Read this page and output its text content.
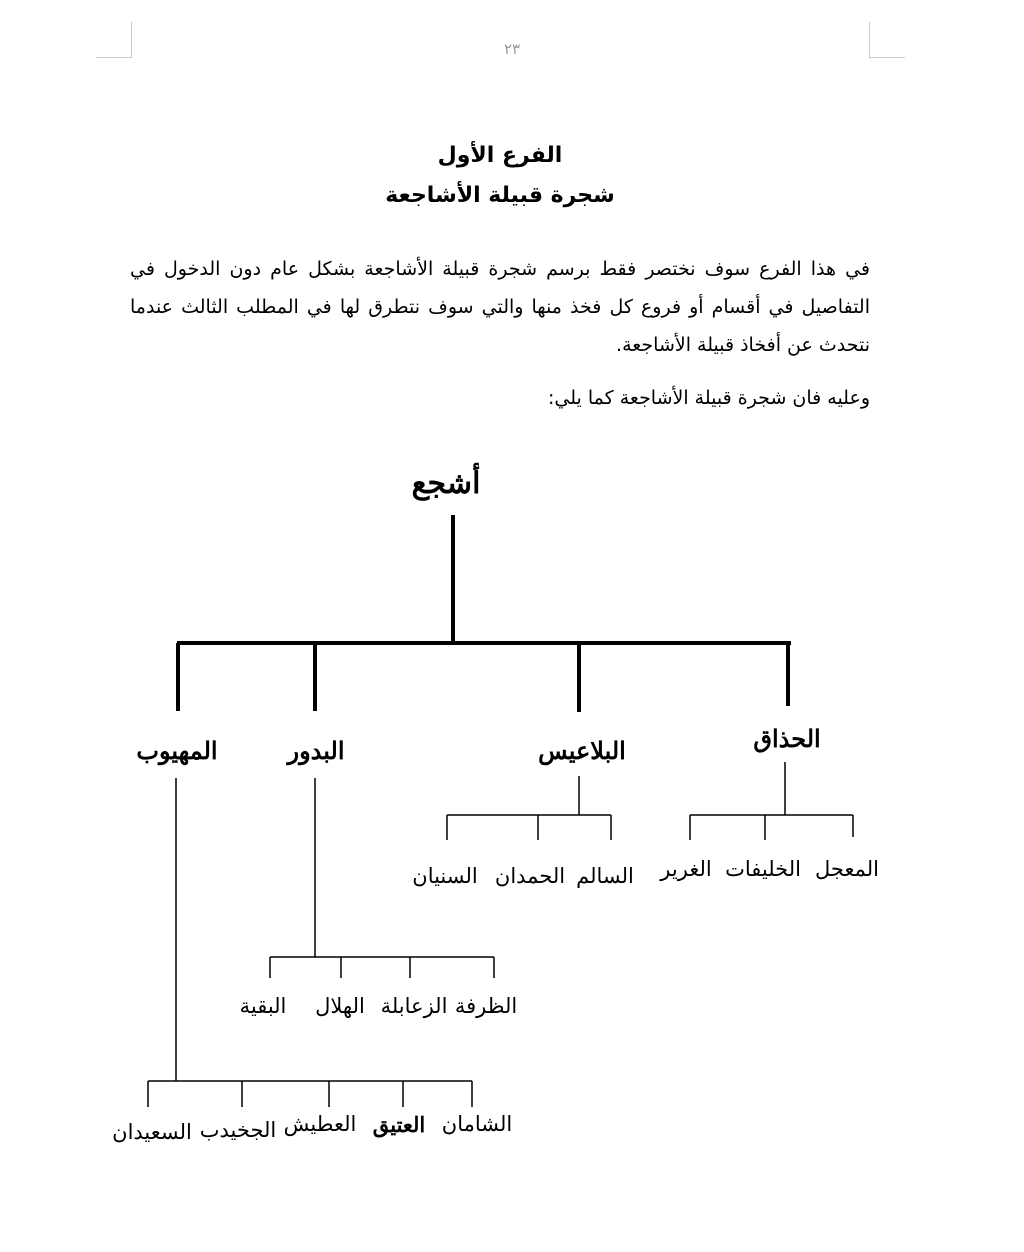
٢٣
الفرع الأول
شجرة قبيلة الأشاجعة

في هذا الفرع سوف نختصر فقط برسم شجرة قبيلة الأشاجعة بشكل عام دون الدخول في التفاصيل في أقسام أو فروع كل فخذ منها والتي سوف نتطرق لها في المطلب الثالث عندما نتحدث عن أفخاذ قبيلة الأشاجعة.

وعليه فان شجرة قبيلة الأشاجعة كما يلي:
أشجع
الحذاق
البلاعيس
البدور
المهيوب
المعجل
الخليفات
الغرير
السالم
الحمدان
السنيان
الظرفة
الزعابلة
الهلال
البقية
الشامان
العتيق
العطيش
الجخيدب
السعيدان
